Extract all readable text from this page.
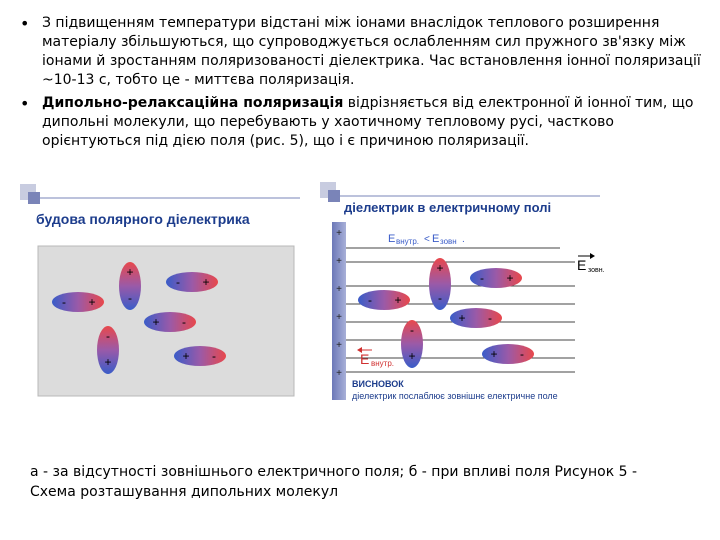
• З підвищенням температури відстані між іонами внаслідок теплового розширення матеріалу збільшуються, що супроводжується ослабленням сил пружного зв'язку між іонами й зростанням поляризованості діелектрика. Час встановлення іонної поляризації ~10-13 с, тобто це - миттєва поляризація.
• Дипольно-релаксаційна поляризація відрізняється від електронної й іонної тим, що дипольні молекули, що перебувають у хаотичному тепловому русі, частково орієнтуються під дією поля (рис. 5), що і є причиною поляризації.
будова полярного діелектрика
+
-
- +
- +
+ -
-
+	+ -
діелектрик в електричному полі
+
+
+
+
+
+
E внутр. < E зовн .
E зовн.
+
-
- +
- +
+ -
-
+	+ -
E внутр.
ВИСНОВОК
діелектрик послаблює зовнішнє електричне поле
а - за відсутності зовнішнього електричного поля; б - при впливі поля Рисунок 5 - Схема розташування дипольних молекул
